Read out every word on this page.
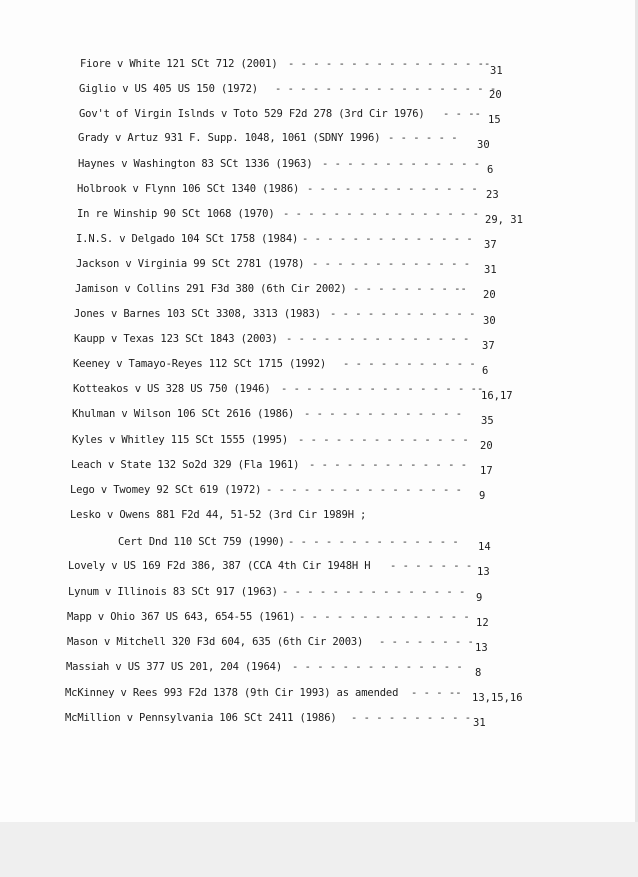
Fiore v White 121 SCt 712 (2001) - - - - - - - - - - - - - - - --
31
Giglio v US 405 US 150 (1972) - - - - - - - - - - - - - - - - - -
20
Gov't of Virgin Islnds v Toto 529 F2d 278 (3rd Cir 1976) - - -- 15
Grady v Artuz 931 F. Supp. 1048, 1061 (SDNY 1996) - - - - - -
30
Haynes v Washington 83 SCt 1336 (1963) - - - - - - - - - - - - - 6
Holbrook v Flynn 106 SCt 1340 (1986) - - - - - - - - - - - - - - 23
In re Winship 90 SCt 1068 (1970) - - - - - - - - - - - - - - - - 29, 31
I.N.S. v Delgado 104 SCt 1758 (1984) - - - - - - - - - - - - - - 37
Jackson v Virginia 99 SCt 2781 (1978) - - - - - - - - - - - - - 31
Jamison v Collins 291 F3d 380 (6th Cir 2002) - - - - - - - - -- 20
Jones v Barnes 103 SCt 3308, 3313 (1983) - - - - - - - - - - - -
30
Kaupp v Texas 123 SCt 1843 (2003) - - - - - - - - - - - - - - -
37
Keeney v Tamayo-Reyes 112 SCt 1715 (1992) - - - - - - - - - - -
6
Kotteakos v US 328 US 750 (1946) - - - - - - - - - - - - - - - --
16,17
Khulman v Wilson 106 SCt 2616 (1986) - - - - - - - - - - - - -
35
Kyles v Whitley 115 SCt 1555 (1995) - - - - - - - - - - - - - - 20
Leach v State 132 So2d 329 (Fla 1961) - - - - - - - - - - - - - 17
Lego v Twomey 92 SCt 619 (1972) - - - - - - - - - - - - - - - - 9
Lesko v Owens 881 F2d 44, 51-52 (3rd Cir 1989H ;
Cert Dnd 110 SCt 759 (1990) - - - - - - - - - - - - - - 14
Lovely v US 169 F2d 386, 387 (CCA 4th Cir 1948H H - - - - - - - 13
Lynum v Illinois 83 SCt 917 (1963) - - - - - - - - - - - - - - - 9
Mapp v Ohio 367 US 643, 654-55 (1961) - - - - - - - - - - - - - - 12
Mason v Mitchell 320 F3d 604, 635 (6th Cir 2003) - - - - - - - - 13
Massiah v US 377 US 201, 204 (1964) - - - - - - - - - - - - - - 8
McKinney v Rees 993 F2d 1378 (9th Cir 1993) as amended - - - -- 13,15,16
McMillion v Pennsylvania 106 SCt 2411 (1986) - - - - - - - - - - 31
